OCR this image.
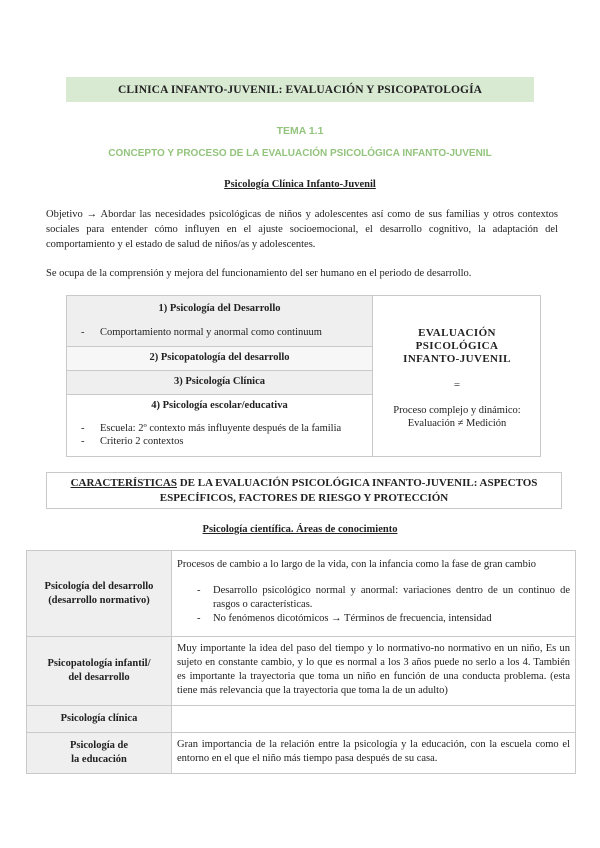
CLINICA INFANTO-JUVENIL: EVALUACIÓN Y PSICOPATOLOGÍA
TEMA 1.1
CONCEPTO Y PROCESO DE LA EVALUACIÓN PSICOLÓGICA INFANTO-JUVENIL
Psicología Clínica Infanto-Juvenil
Objetivo → Abordar las necesidades psicológicas de niños y adolescentes así como de sus familias y otros contextos sociales para entender cómo influyen en el ajuste socioemocional, el desarrollo cognitivo, la adaptación del comportamiento y el estado de salud de niños/as y adolescentes.
Se ocupa de la comprensión y mejora del funcionamiento del ser humano en el periodo de desarrollo.
1) Psicología del Desarrollo
- Comportamiento normal y anormal como continuum
2) Psicopatología del desarrollo
3) Psicología Clínica
4) Psicología escolar/educativa
- Escuela: 2º contexto más influyente después de la familia
- Criterio 2 contextos
EVALUACIÓN
PSICOLÓGICA
INFANTO-JUVENIL
=
Proceso complejo y dinámico:
Evaluación ≠ Medición
CARACTERÍSTICAS DE LA EVALUACIÓN PSICOLÓGICA INFANTO-JUVENIL: ASPECTOS
ESPECÍFICOS, FACTORES DE RIESGO Y PROTECCIÓN
Psicología científica. Áreas de conocimiento
Psicología del desarrollo
(desarrollo normativo)
Procesos de cambio a lo largo de la vida, con la infancia como la fase de gran cambio
- Desarrollo psicológico normal y anormal: variaciones dentro de un continuo de rasgos o características.
- No fenómenos dicotómicos → Términos de frecuencia, intensidad
Psicopatología infantil/
del desarrollo
Muy importante la idea del paso del tiempo y lo normativo-no normativo en un niño, Es un sujeto en constante cambio, y lo que es normal a los 3 años puede no serlo a los 4. También es importante la trayectoria que toma un niño en función de una conducta problema. (esta tiene más relevancia que la trayectoria que toma la de un adulto)
Psicología clínica
Psicología de
la educación
Gran importancia de la relación entre la psicología y la educación, con la escuela como el entorno en el que el niño más tiempo pasa después de su casa.
